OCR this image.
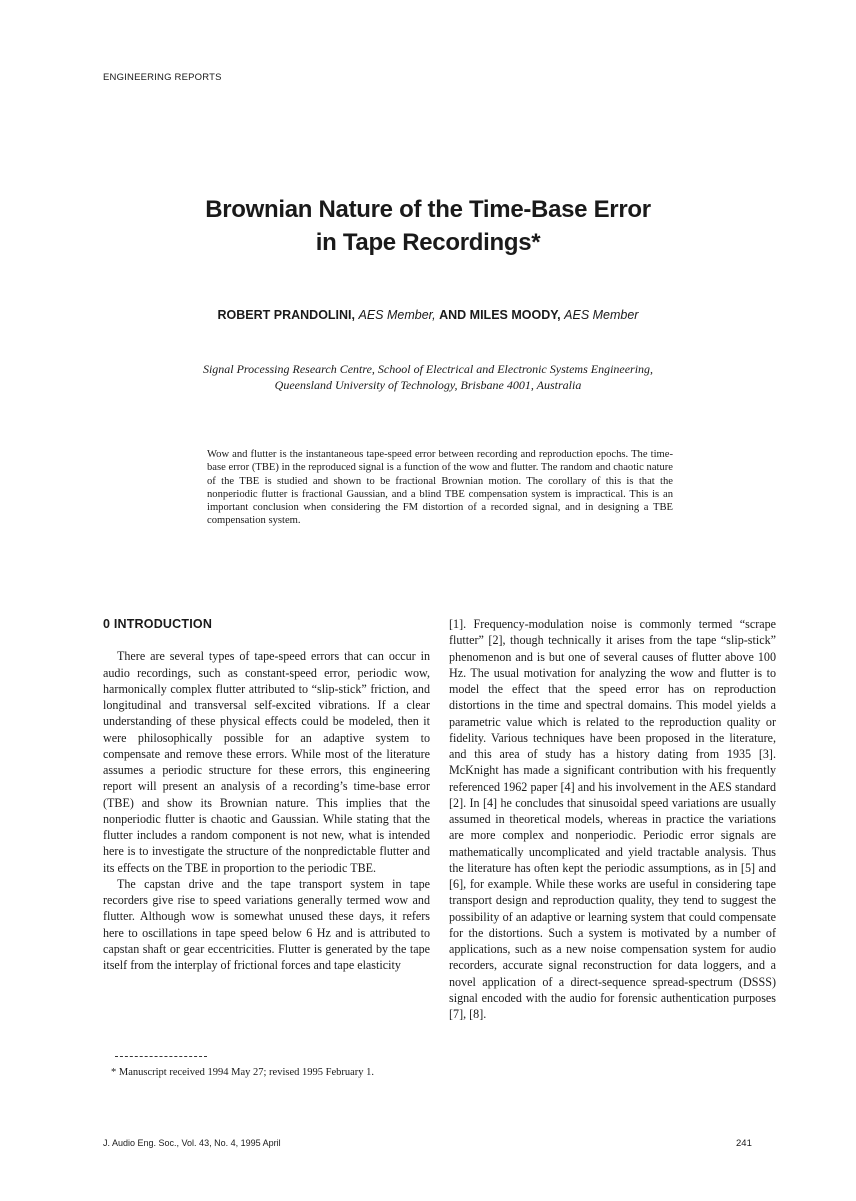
ENGINEERING REPORTS
Brownian Nature of the Time-Base Error
in Tape Recordings*
ROBERT PRANDOLINI, AES Member, AND MILES MOODY, AES Member
Signal Processing Research Centre, School of Electrical and Electronic Systems Engineering,
Queensland University of Technology, Brisbane 4001, Australia
Wow and flutter is the instantaneous tape-speed error between recording and reproduction epochs. The time-base error (TBE) in the reproduced signal is a function of the wow and flutter. The random and chaotic nature of the TBE is studied and shown to be fractional Brownian motion. The corollary of this is that the nonperiodic flutter is fractional Gaussian, and a blind TBE compensation system is impractical. This is an important conclusion when considering the FM distortion of a recorded signal, and in designing a TBE compensation system.
0 INTRODUCTION

There are several types of tape-speed errors that can occur in audio recordings, such as constant-speed error, periodic wow, harmonically complex flutter attributed to “slip-stick” friction, and longitudinal and transversal self-excited vibrations. If a clear understanding of these physical effects could be modeled, then it were philosophically possible for an adaptive system to compensate and remove these errors. While most of the literature assumes a periodic structure for these errors, this engineering report will present an analysis of a recording’s time-base error (TBE) and show its Brownian nature. This implies that the nonperiodic flutter is chaotic and Gaussian. While stating that the flutter includes a random component is not new, what is intended here is to investigate the structure of the nonpredictable flutter and its effects on the TBE in proportion to the periodic TBE.

The capstan drive and the tape transport system in tape recorders give rise to speed variations generally termed wow and flutter. Although wow is somewhat unused these days, it refers here to oscillations in tape speed below 6 Hz and is attributed to capstan shaft or gear eccentricities. Flutter is generated by the tape itself from the interplay of frictional forces and tape elasticity

[1]. Frequency-modulation noise is commonly termed “scrape flutter” [2], though technically it arises from the tape “slip-stick” phenomenon and is but one of several causes of flutter above 100 Hz. The usual motivation for analyzing the wow and flutter is to model the effect that the speed error has on reproduction distortions in the time and spectral domains. This model yields a parametric value which is related to the reproduction quality or fidelity. Various techniques have been proposed in the literature, and this area of study has a history dating from 1935 [3]. McKnight has made a significant contribution with his frequently referenced 1962 paper [4] and his involvement in the AES standard [2]. In [4] he concludes that sinusoidal speed variations are usually assumed in theoretical models, whereas in practice the variations are more complex and nonperiodic. Periodic error signals are mathematically uncomplicated and yield tractable analysis. Thus the literature has often kept the periodic assumptions, as in [5] and [6], for example. While these works are useful in considering tape transport design and reproduction quality, they tend to suggest the possibility of an adaptive or learning system that could compensate for the distortions. Such a system is motivated by a number of applications, such as a new noise compensation system for audio recorders, accurate signal reconstruction for data loggers, and a novel application of a direct-sequence spread-spectrum (DSSS) signal encoded with the audio for forensic authentication purposes [7], [8].

* Manuscript received 1994 May 27; revised 1995 February 1.
J. Audio Eng. Soc., Vol. 43, No. 4, 1995 April	241
